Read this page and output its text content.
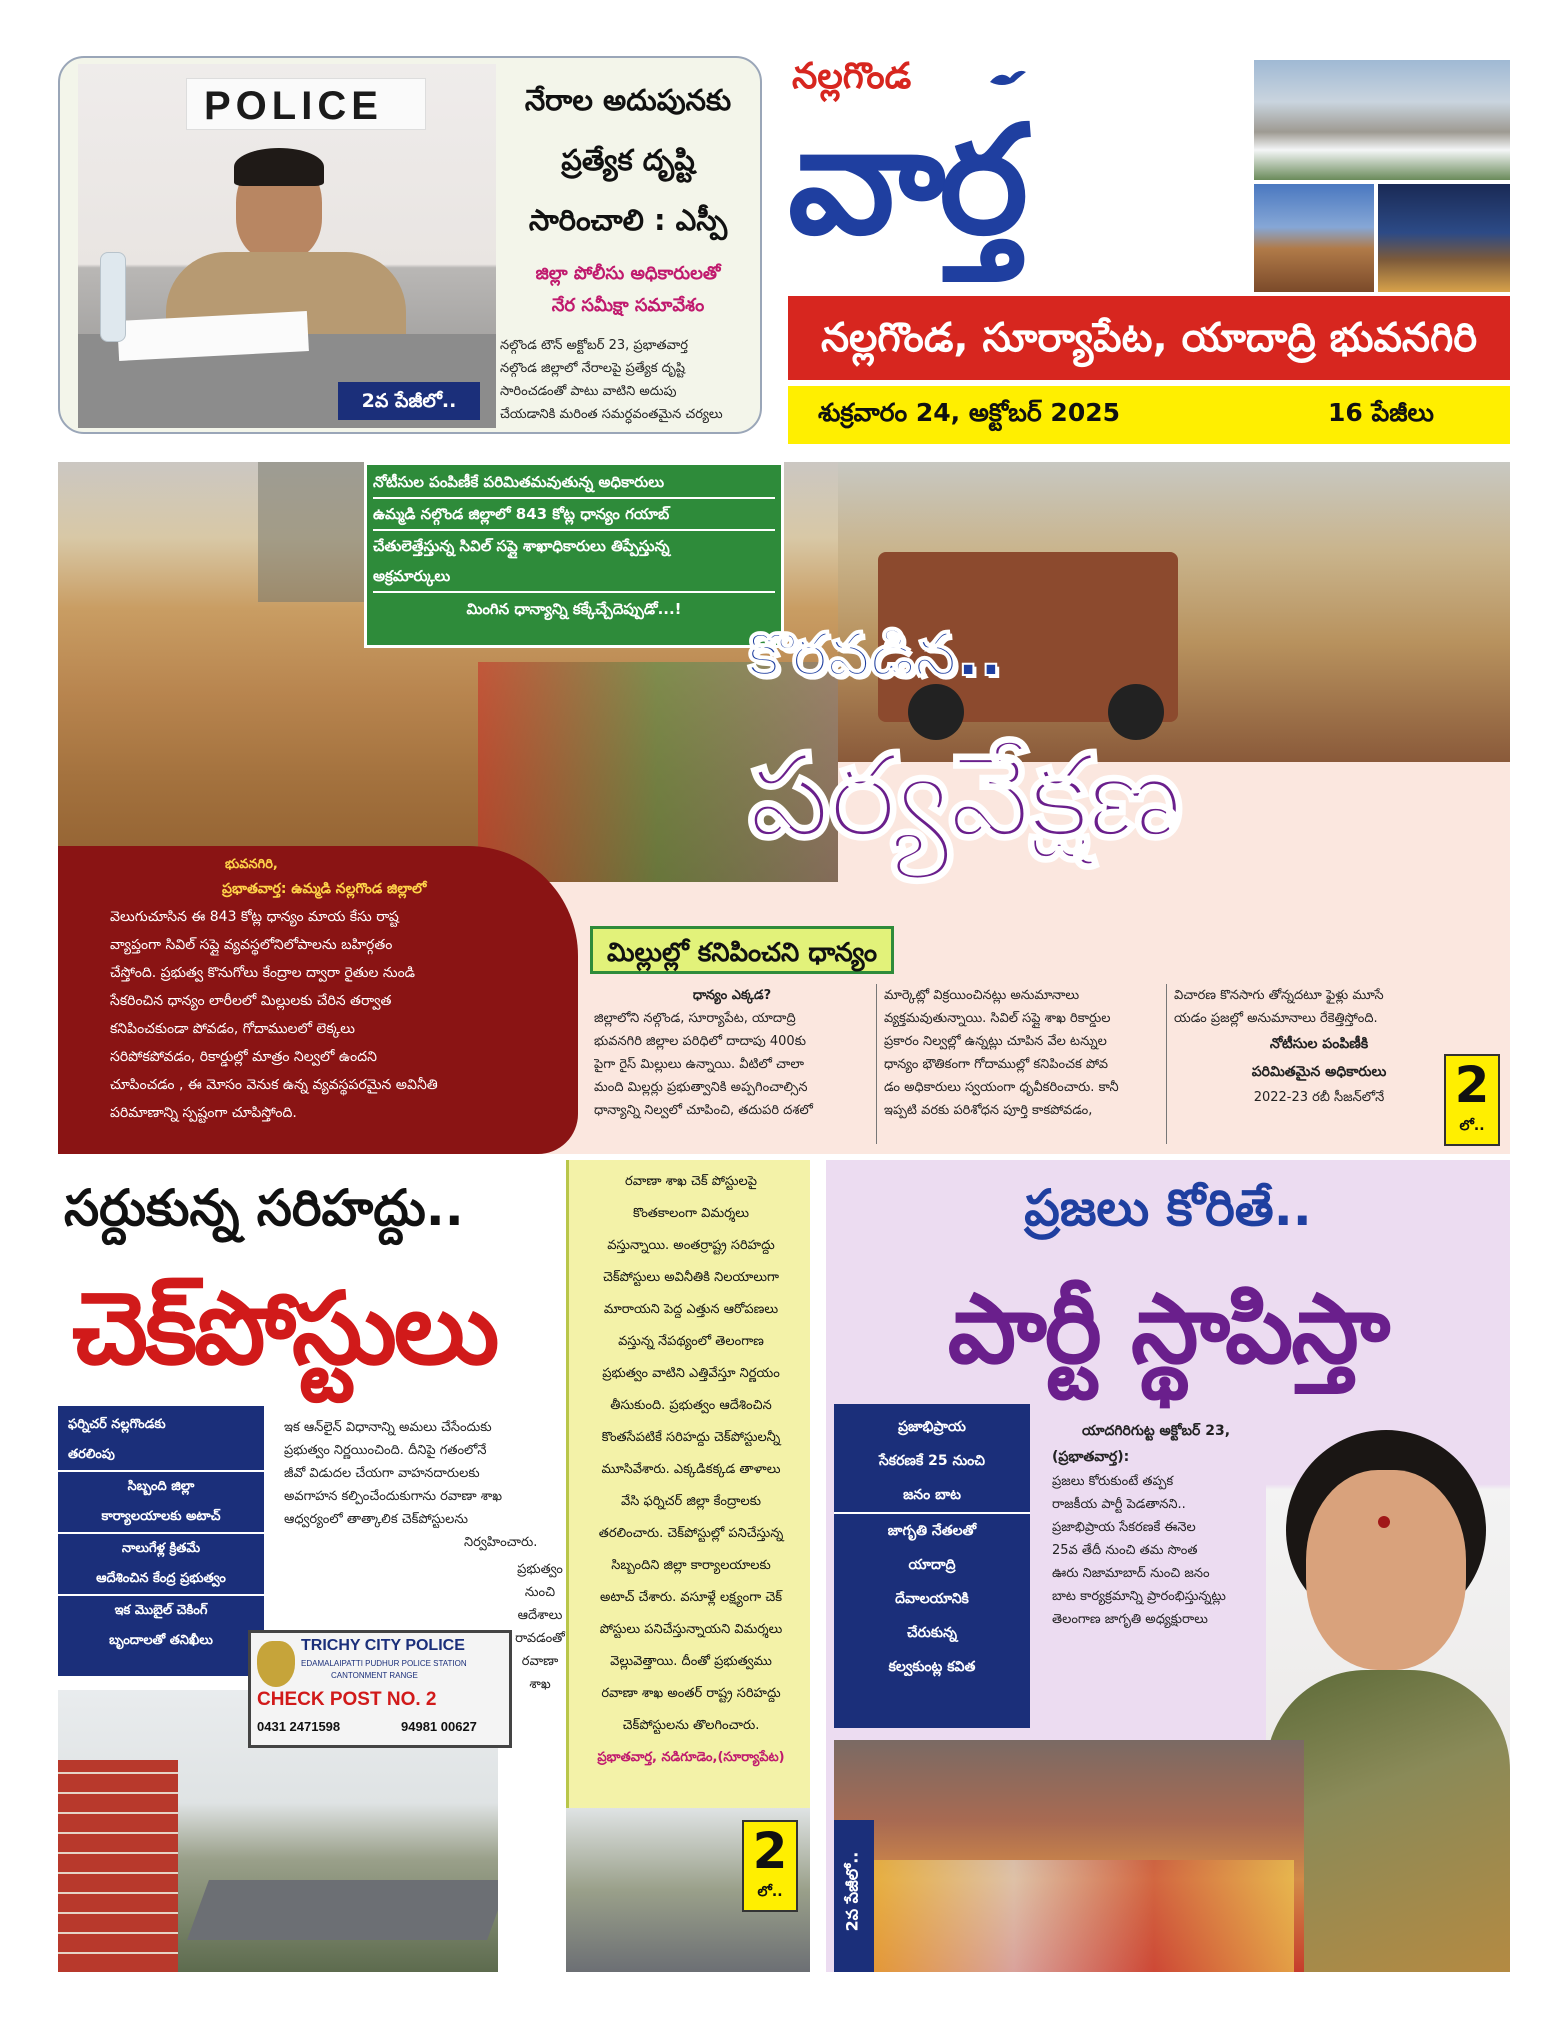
POLICE
2వ పేజీలో..
నేరాల అదుపునకు
ప్రత్యేక దృష్టి
సారించాలి : ఎస్పీ
జిల్లా పోలీసు అధికారులతో
నేర సమీక్షా సమావేశం
నల్గొండ టౌన్ అక్టోబర్ 23, ప్రభాతవార్త
నల్గొండ జిల్లాలో నేరాలపై ప్రత్యేక దృష్టి
సారించడంతో పాటు వాటిని అదుపు
చేయడానికి మరింత సమర్ధవంతమైన చర్యలు
నల్లగొండ
వార్త
నల్లగొండ, సూర్యాపేట, యాదాద్రి భువనగిరి
శుక్రవారం 24, అక్టోబర్ 2025	16 పేజీలు
నోటీసుల పంపిణీకే పరిమితమవుతున్న అధికారులు
ఉమ్మడి నల్గొండ జిల్లాలో 843 కోట్ల ధాన్యం గయాబ్
చేతులెత్తేస్తున్న సివిల్ సప్లై శాఖాధికారులు తిప్పేస్తున్న
అక్రమార్కులు
మింగిన ధాన్యాన్ని కక్కేచ్చేదెప్పుడో...!
కొరవడిన..
పర్యవేక్షణ
మిల్లుల్లో కనిపించని ధాన్యం
భువనగిరి,
ప్రభాతవార్త: ఉమ్మడి నల్లగొండ జిల్లాలో
వెలుగుచూసిన ఈ 843 కోట్ల ధాన్యం మాయ కేసు రాష్ట
వ్యాప్తంగా సివిల్ సప్లై వ్యవస్థలోనిలోపాలను బహిర్గతం
చేస్తోంది. ప్రభుత్వ కొనుగోలు కేంద్రాల ద్వారా రైతుల నుండి
సేకరించిన ధాన్యం లారీలలో మిల్లులకు చేరిన తర్వాత
కనిపించకుండా పోవడం, గోదాములలో లెక్కలు
సరిపోకపోవడం, రికార్డుల్లో మాత్రం నిల్వలో ఉందని
చూపించడం , ఈ మోసం వెనుక ఉన్న వ్యవస్థపరమైన అవినీతి
పరిమాణాన్ని స్పష్టంగా చూపిస్తోంది.
ధాన్యం ఎక్కడ?
జిల్లాలోని నల్గొండ, సూర్యాపేట, యాదాద్రి
భువనగిరి జిల్లాల పరిధిలో దాదాపు 400కు
పైగా రైస్ మిల్లులు ఉన్నాయి. వీటిలో చాలా
మంది మిల్లర్లు ప్రభుత్వానికి అప్పగించాల్సిన
ధాన్యాన్ని నిల్వలో చూపించి, తదుపరి దశలో
మార్కెట్లో విక్రయించినట్లు అనుమానాలు
వ్యక్తమవుతున్నాయి. సివిల్ సప్లై శాఖ రికార్డుల
ప్రకారం నిల్వల్లో ఉన్నట్లు చూపిన వేల టన్నుల
ధాన్యం భౌతికంగా గోదాముల్లో కనిపించక పోవ
డం అధికారులు స్వయంగా ధృవీకరించారు. కానీ
ఇప్పటి వరకు పరిశోధన పూర్తి కాకపోవడం,
విచారణ కొనసాగు తోన్నదటూ ఫైళ్లు మూసే
యడం ప్రజల్లో అనుమానాలు రేకెత్తిస్తోంది.
నోటీసుల పంపిణీకి
పరిమితమైన అధికారులు
2022-23 రబీ సీజన్‌లోనే	2
లో..
సర్దుకున్న సరిహద్దు..
చెక్‌పోస్టులు
ఫర్నిచర్ నల్లగొండకు
తరలింపు
సిబ్బంది జిల్లా
కార్యాలయాలకు అటాచ్
నాలుగేళ్ల క్రితమే
ఆదేశించిన కేంద్ర ప్రభుత్వం
ఇక మొబైల్ చెకింగ్
బృందాలతో తనిఖీలు
ఇక ఆన్‌లైన్ విధానాన్ని అమలు చేసేందుకు
ప్రభుత్వం నిర్ణయించింది. దీనిపై గతంలోనే
జీవో విడుదల చేయగా వాహనదారులకు
అవగాహన కల్పించేందుకుగాను రవాణా శాఖ
ఆధ్వర్యంలో తాత్కాలిక చెక్‌పోస్టులను
నిర్వహించారు.
ప్రభుత్వం
నుంచి
ఆదేశాలు
రావడంతో
రవాణా
శాఖ
TRICHY CITY POLICE
EDAMALAIPATTI PUDHUR POLICE STATION
CANTONMENT RANGE
CHECK POST NO. 2
0431 2471598	94981 00627
రవాణా శాఖ చెక్ పోస్టులపై
కొంతకాలంగా విమర్శలు
వస్తున్నాయి. అంతర్రాష్ట్ర సరిహద్దు
చెక్‌పోస్టులు అవినీతికి నిలయాలుగా
మారాయని పెద్ద ఎత్తున ఆరోపణలు
వస్తున్న నేపథ్యంలో తెలంగాణ
ప్రభుత్వం వాటిని ఎత్తివేస్తూ నిర్ణయం
తీసుకుంది. ప్రభుత్వం ఆదేశించిన
కొంతసేపటికే సరిహద్దు చెక్‌పోస్టులన్నీ
మూసివేశారు. ఎక్కడికక్కడ తాళాలు
వేసి ఫర్నిచర్ జిల్లా కేంద్రాలకు
తరలించారు. చెక్‌పోస్టుల్లో పనిచేస్తున్న
సిబ్బందిని జిల్లా కార్యాలయాలకు
అటాచ్ చేశారు. వసూళ్లే లక్ష్యంగా చెక్
పోస్టులు పనిచేస్తున్నాయని విమర్శలు
వెల్లువెత్తాయి. దీంతో ప్రభుత్వము
రవాణా శాఖ అంతర్ రాష్ట్ర సరిహద్దు
చెక్‌పోస్టులను తొలగించారు.
ప్రభాతవార్త, నడిగూడెం,(సూర్యాపేట)
2
లో..
ప్రజలు కోరితే..
పార్టీ స్థాపిస్తా
ప్రజాభిప్రాయ
సేకరణకే 25 నుంచి
జనం బాట
జాగృతి నేతలతో
యాదాద్రి
దేవాలయానికి
చేరుకున్న
కల్వకుంట్ల కవిత
యాదగిరిగుట్ట అక్టోబర్ 23,
(ప్రభాతవార్త):
ప్రజలు కోరుకుంటే తప్పక
రాజకీయ పార్టీ పెడతానని..
ప్రజాభిప్రాయ సేకరణకే ఈనెల
25వ తేదీ నుంచి తమ సొంత
ఊరు నిజామాబాద్ నుంచి జనం
బాట కార్యక్రమాన్ని ప్రారంభిస్తున్నట్లు
తెలంగాణ జాగృతి అధ్యక్షురాలు
2వ పేజీలో..
